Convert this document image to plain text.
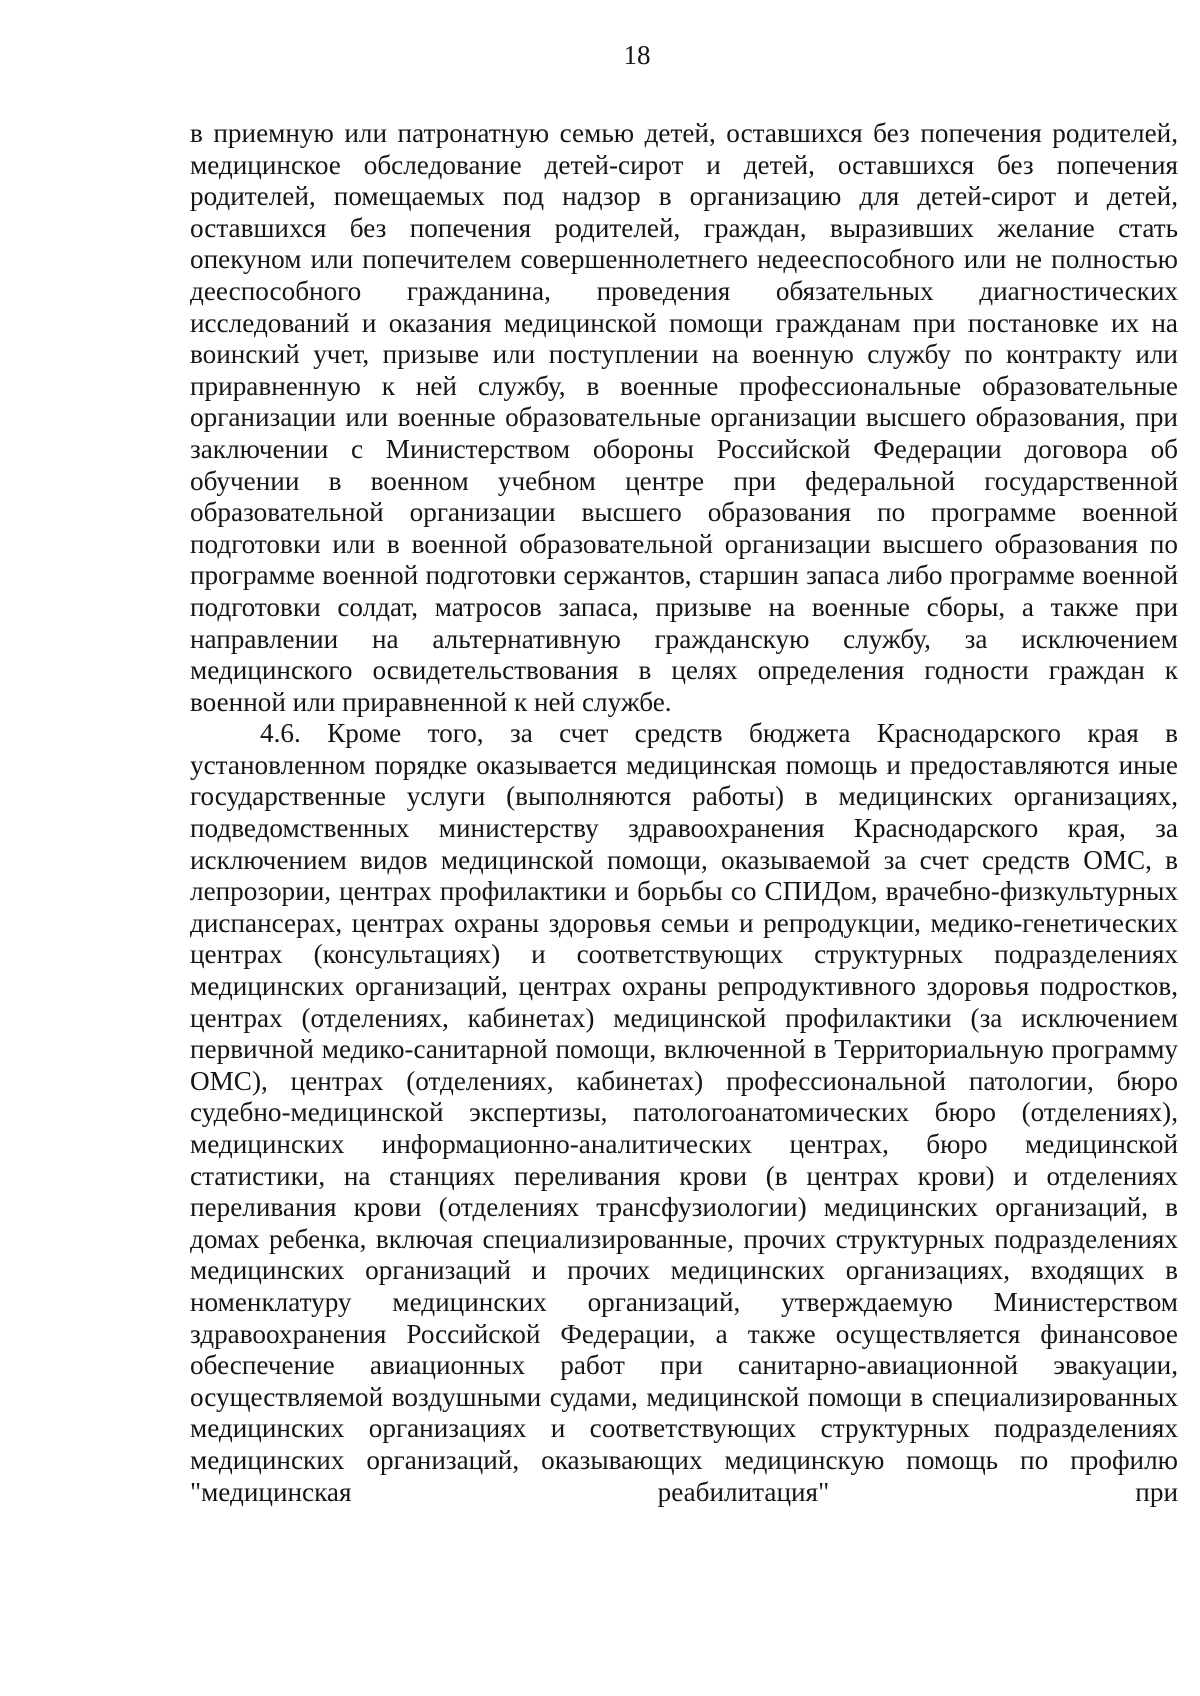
18

в приемную или патронатную семью детей, оставшихся без попечения родителей, медицинское обследование детей-сирот и детей, оставшихся без попечения родителей, помещаемых под надзор в организацию для детей-сирот и детей, оставшихся без попечения родителей, граждан, выразивших желание стать опекуном или попечителем совершеннолетнего недееспособного или не полностью дееспособного гражданина, проведения обязательных диагностических исследований и оказания медицинской помощи гражданам при постановке их на воинский учет, призыве или поступлении на военную службу по контракту или приравненную к ней службу, в военные профессиональные образовательные организации или военные образовательные организации высшего образования, при заключении с Министерством обороны Российской Федерации договора об обучении в военном учебном центре при федеральной государственной образовательной организации высшего образования по программе военной подготовки или в военной образовательной организации высшего образования по программе военной подготовки сержантов, старшин запаса либо программе военной подготовки солдат, матросов запаса, призыве на военные сборы, а также при направлении на альтернативную гражданскую службу, за исключением медицинского освидетельствования в целях определения годности граждан к военной или приравненной к ней службе.

4.6. Кроме того, за счет средств бюджета Краснодарского края в установленном порядке оказывается медицинская помощь и предоставляются иные государственные услуги (выполняются работы) в медицинских организациях, подведомственных министерству здравоохранения Краснодарского края, за исключением видов медицинской помощи, оказываемой за счет средств ОМС, в лепрозории, центрах профилактики и борьбы со СПИДом, врачебно-физкультурных диспансерах, центрах охраны здоровья семьи и репродукции, медико-генетических центрах (консультациях) и соответствующих структурных подразделениях медицинских организаций, центрах охраны репродуктивного здоровья подростков, центрах (отделениях, кабинетах) медицинской профилактики (за исключением первичной медико-санитарной помощи, включенной в Территориальную программу ОМС), центрах (отделениях, кабинетах) профессиональной патологии, бюро судебно-медицинской экспертизы, патологоанатомических бюро (отделениях), медицинских информационно-аналитических центрах, бюро медицинской статистики, на станциях переливания крови (в центрах крови) и отделениях переливания крови (отделениях трансфузиологии) медицинских организаций, в домах ребенка, включая специализированные, прочих структурных подразделениях медицинских организаций и прочих медицинских организациях, входящих в номенклатуру медицинских организаций, утверждаемую Министерством здравоохранения Российской Федерации, а также осуществляется финансовое обеспечение авиационных работ при санитарно-авиационной эвакуации, осуществляемой воздушными судами, медицинской помощи в специализированных медицинских организациях и соответствующих структурных подразделениях медицинских организаций, оказывающих медицинскую помощь по профилю "медицинская реабилитация" при
